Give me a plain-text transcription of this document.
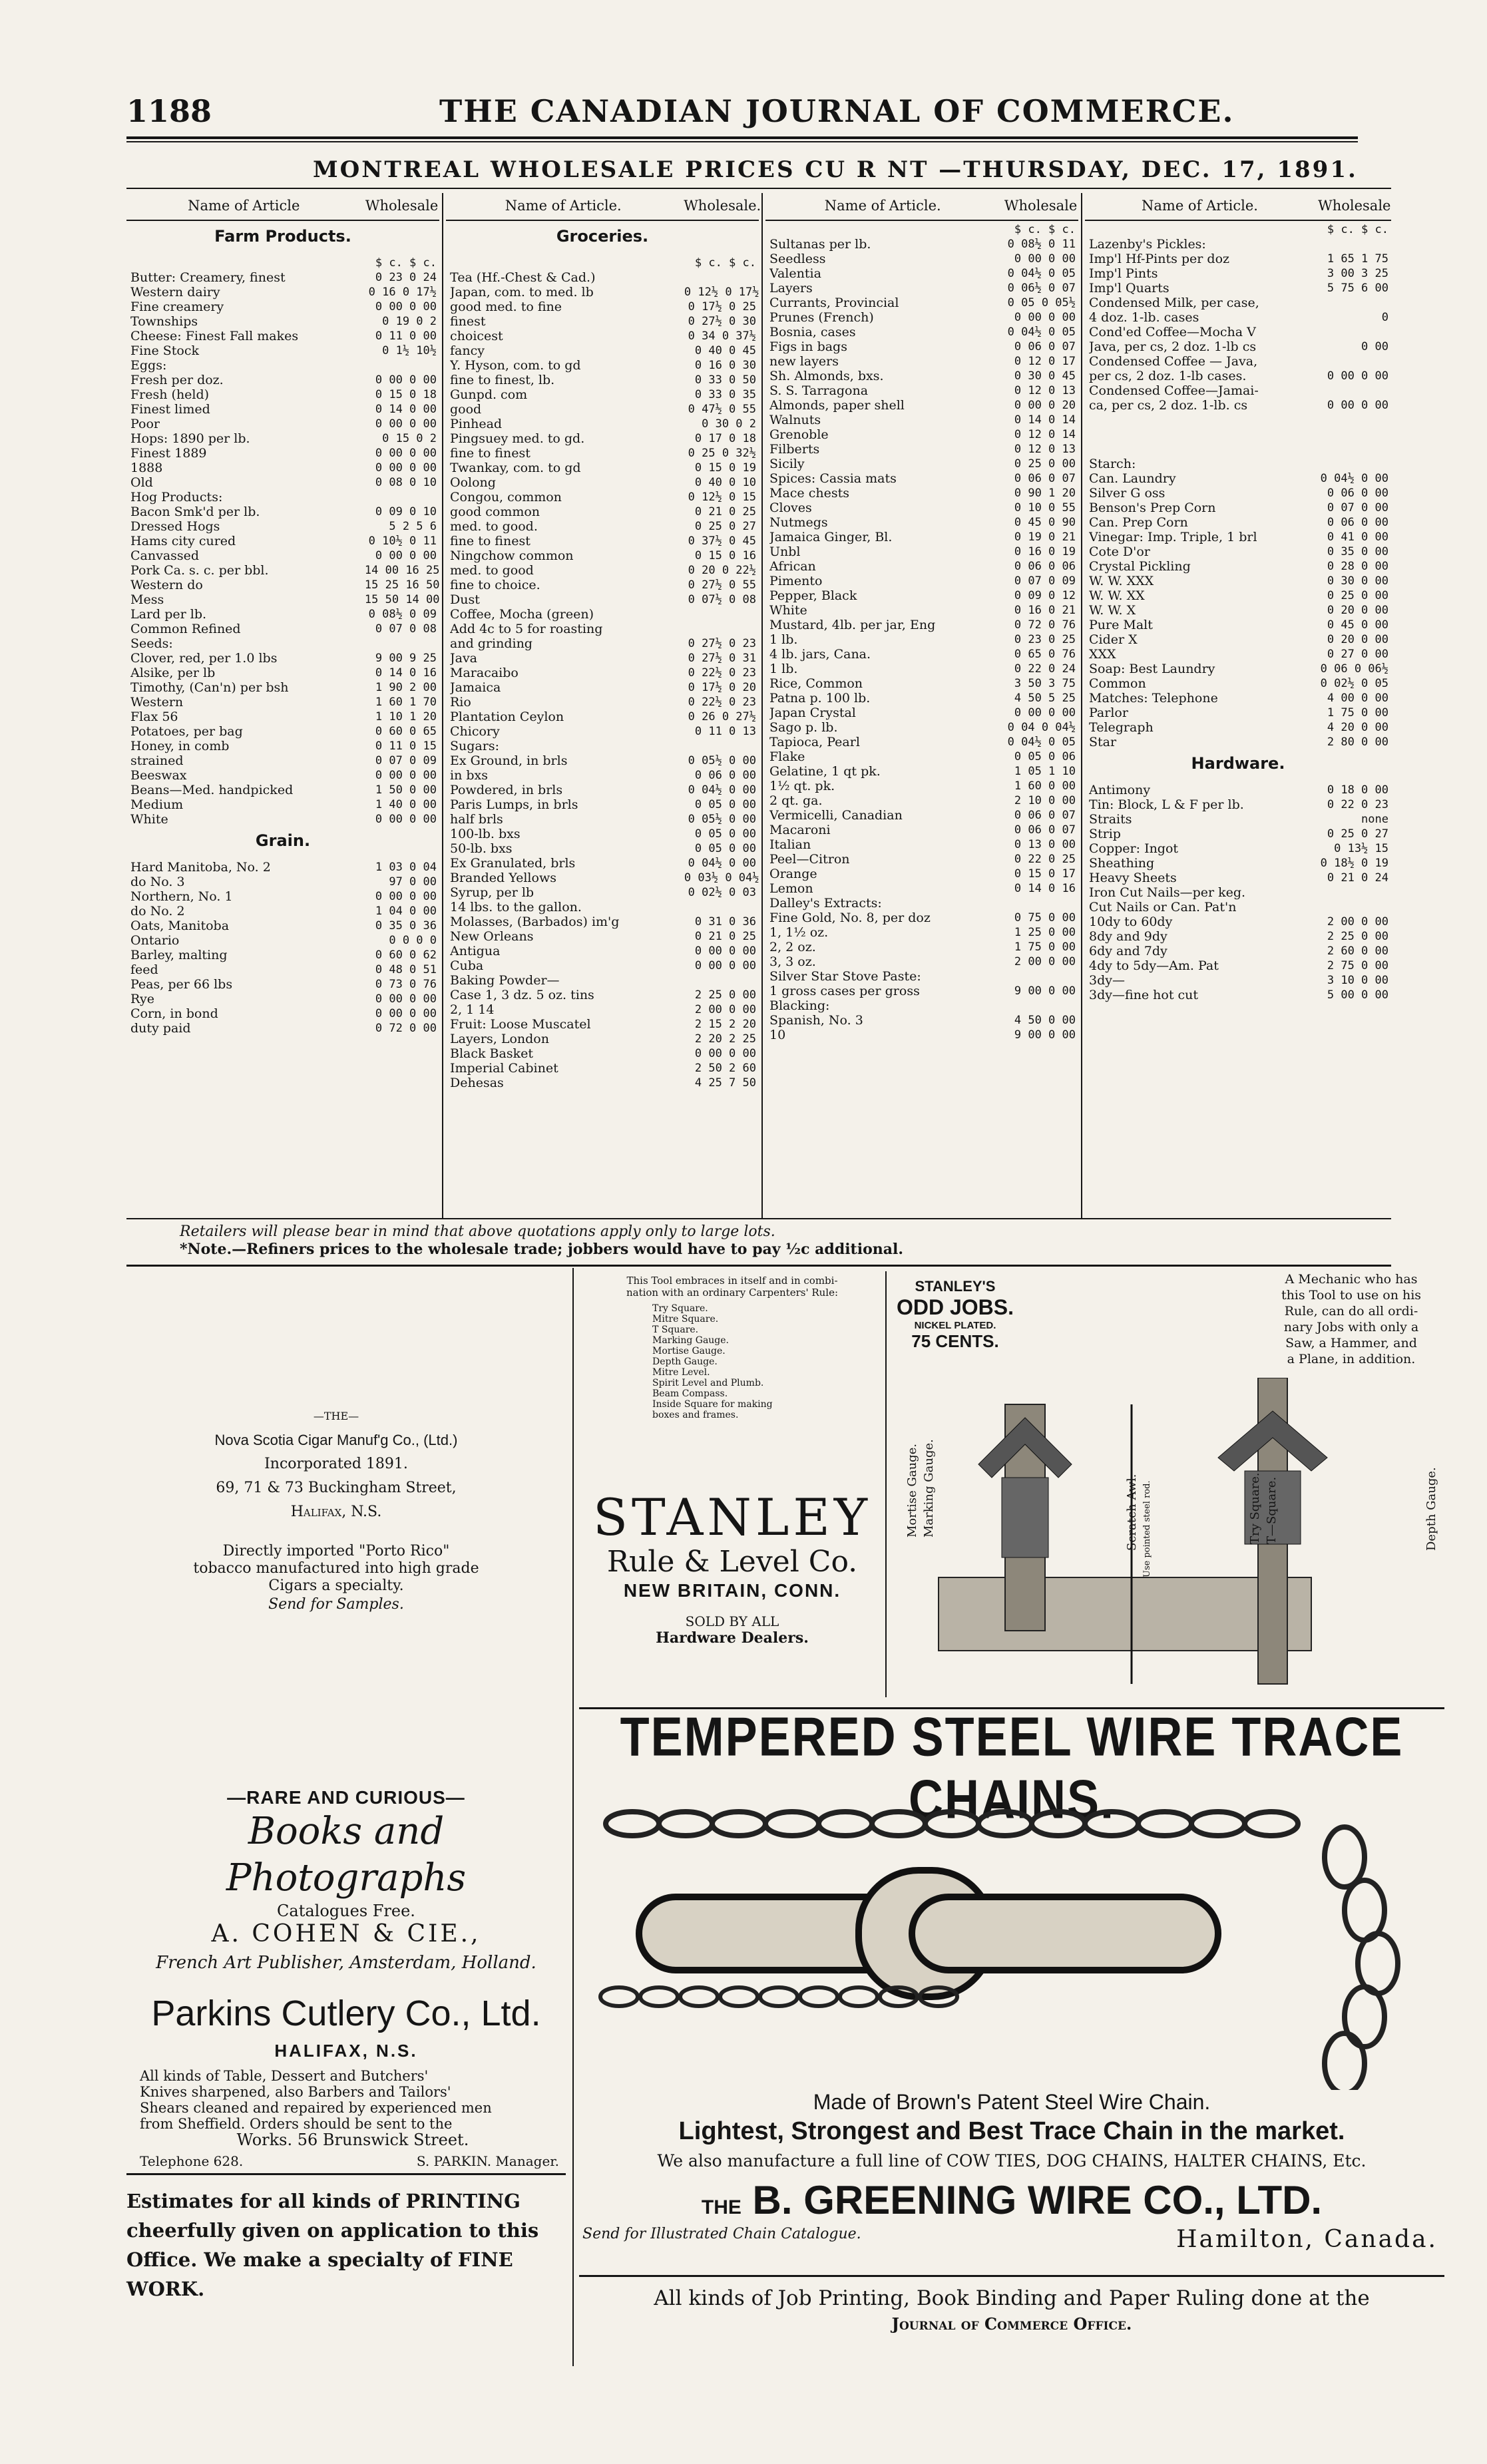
1188	THE CANADIAN JOURNAL OF COMMERCE.
MONTREAL WHOLESALE PRICES CU R NT —THURSDAY, DEC. 17, 1891.
Name of Article	Wholesale
Farm Products.
$ c. $ c.
Butter: Creamery, finest	0 23 0 24
Western dairy	0 16 0 17½
Fine creamery	0 00 0 00
Townships	0 19 0 2
Cheese: Finest Fall makes	0 11 0 00
Fine Stock	0 1½ 10½
Eggs:
Fresh per doz.	0 00 0 00
Fresh (held)	0 15 0 18
Finest limed	0 14 0 00
Poor	0 00 0 00
Hops: 1890 per lb.	0 15 0 2
Finest 1889	0 00 0 00
1888	0 00 0 00
Old	0 08 0 10
Hog Products:
Bacon Smk'd per lb.	0 09 0 10
Dressed Hogs	5 2 5 6
Hams city cured	0 10½ 0 11
Canvassed	0 00 0 00
Pork Ca. s. c. per bbl.	14 00 16 25
Western do	15 25 16 50
Mess	15 50 14 00
Lard per lb.	0 08½ 0 09
Common Refined	0 07 0 08
Seeds:
Clover, red, per 1.0 lbs	9 00 9 25
Alsike, per lb	0 14 0 16
Timothy, (Can'n) per bsh	1 90 2 00
Western	1 60 1 70
Flax 56	1 10 1 20
Potatoes, per bag	0 60 0 65
Honey, in comb	0 11 0 15
strained	0 07 0 09
Beeswax	0 00 0 00
Beans—Med. handpicked	1 50 0 00
Medium	1 40 0 00
White	0 00 0 00
Grain.
Hard Manitoba, No. 2	1 03 0 04
do No. 3	97 0 00
Northern, No. 1	0 00 0 00
do No. 2	1 04 0 00
Oats, Manitoba	0 35 0 36
Ontario	0 0 0 0
Barley, malting	0 60 0 62
feed	0 48 0 51
Peas, per 66 lbs	0 73 0 76
Rye	0 00 0 00
Corn, in bond	0 00 0 00
duty paid	0 72 0 00
Name of Article.	Wholesale.
Groceries.
$ c. $ c.
Tea (Hf.-Chest & Cad.)
Japan, com. to med. lb	0 12½ 0 17½
good med. to fine	0 17½ 0 25
finest	0 27½ 0 30
choicest	0 34 0 37½
fancy	0 40 0 45
Y. Hyson, com. to gd	0 16 0 30
fine to finest, lb.	0 33 0 50
Gunpd. com	0 33 0 35
good	0 47½ 0 55
Pinhead	0 30 0 2
Pingsuey med. to gd.	0 17 0 18
fine to finest	0 25 0 32½
Twankay, com. to gd	0 15 0 19
Oolong	0 40 0 10
Congou, common	0 12½ 0 15
good common	0 21 0 25
med. to good.	0 25 0 27
fine to finest	0 37½ 0 45
Ningchow common	0 15 0 16
med. to good	0 20 0 22½
fine to choice.	0 27½ 0 55
Dust	0 07½ 0 08
Coffee, Mocha (green)
Add 4c to 5 for roasting
and grinding	0 27½ 0 23
Java	0 27½ 0 31
Maracaibo	0 22½ 0 23
Jamaica	0 17½ 0 20
Rio	0 22½ 0 23
Plantation Ceylon	0 26 0 27½
Chicory	0 11 0 13
Sugars:
Ex Ground, in brls	0 05½ 0 00
in bxs	0 06 0 00
Powdered, in brls	0 04½ 0 00
Paris Lumps, in brls	0 05 0 00
half brls	0 05½ 0 00
100-lb. bxs	0 05 0 00
50-lb. bxs	0 05 0 00
Ex Granulated, brls	0 04½ 0 00
Branded Yellows	0 03½ 0 04½
Syrup, per lb	0 02½ 0 03
14 lbs. to the gallon.
Molasses, (Barbados) im'g	0 31 0 36
New Orleans	0 21 0 25
Antigua	0 00 0 00
Cuba	0 00 0 00
Baking Powder—
Case 1, 3 dz. 5 oz. tins	2 25 0 00
2, 1 14	2 00 0 00
Fruit: Loose Muscatel	2 15 2 20
Layers, London	2 20 2 25
Black Basket	0 00 0 00
Imperial Cabinet	2 50 2 60
Dehesas	4 25 7 50
Name of Article.	Wholesale
$ c. $ c.
Sultanas per lb.	0 08½ 0 11
Seedless	0 00 0 00
Valentia	0 04½ 0 05
Layers	0 06½ 0 07
Currants, Provincial	0 05 0 05½
Prunes (French)	0 00 0 00
Bosnia, cases	0 04½ 0 05
Figs in bags	0 06 0 07
new layers	0 12 0 17
Sh. Almonds, bxs.	0 30 0 45
S. S. Tarragona	0 12 0 13
Almonds, paper shell	0 00 0 20
Walnuts	0 14 0 14
Grenoble	0 12 0 14
Filberts	0 12 0 13
Sicily	0 25 0 00
Spices: Cassia mats	0 06 0 07
Mace chests	0 90 1 20
Cloves	0 10 0 55
Nutmegs	0 45 0 90
Jamaica Ginger, Bl.	0 19 0 21
Unbl	0 16 0 19
African	0 06 0 06
Pimento	0 07 0 09
Pepper, Black	0 09 0 12
White	0 16 0 21
Mustard, 4lb. per jar, Eng	0 72 0 76
1 lb.	0 23 0 25
4 lb. jars, Cana.	0 65 0 76
1 lb.	0 22 0 24
Rice, Common	3 50 3 75
Patna p. 100 lb.	4 50 5 25
Japan Crystal	0 00 0 00
Sago p. lb.	0 04 0 04½
Tapioca, Pearl	0 04½ 0 05
Flake	0 05 0 06
Gelatine, 1 qt pk.	1 05 1 10
1½ qt. pk.	1 60 0 00
2 qt. ga.	2 10 0 00
Vermicelli, Canadian	0 06 0 07
Macaroni	0 06 0 07
Italian	0 13 0 00
Peel—Citron	0 22 0 25
Orange	0 15 0 17
Lemon	0 14 0 16
Dalley's Extracts:
Fine Gold, No. 8, per doz	0 75 0 00
1, 1½ oz.	1 25 0 00
2, 2 oz.	1 75 0 00
3, 3 oz.	2 00 0 00
Silver Star Stove Paste:
1 gross cases per gross	9 00 0 00
Blacking:
Spanish, No. 3	4 50 0 00
10	9 00 0 00
Name of Article.	Wholesale
$ c. $ c.
Lazenby's Pickles:
Imp'l Hf-Pints per doz	1 65 1 75
Imp'l Pints	3 00 3 25
Imp'l Quarts	5 75 6 00
Condensed Milk, per case,
4 doz. 1-lb. cases	0
Cond'ed Coffee—Mocha V
Java, per cs, 2 doz. 1-lb cs	0 00
Condensed Coffee — Java,
per cs, 2 doz. 1-lb cases.	0 00 0 00
Condensed Coffee—Jamai-
ca, per cs, 2 doz. 1-lb. cs	0 00 0 00
Starch:
Can. Laundry	0 04½ 0 00
Silver G oss	0 06 0 00
Benson's Prep Corn	0 07 0 00
Can. Prep Corn	0 06 0 00
Vinegar: Imp. Triple, 1 brl	0 41 0 00
Cote D'or	0 35 0 00
Crystal Pickling	0 28 0 00
W. W. XXX	0 30 0 00
W. W. XX	0 25 0 00
W. W. X	0 20 0 00
Pure Malt	0 45 0 00
Cider X	0 20 0 00
XXX	0 27 0 00
Soap: Best Laundry	0 06 0 06½
Common	0 02½ 0 05
Matches: Telephone	4 00 0 00
Parlor	1 75 0 00
Telegraph	4 20 0 00
Star	2 80 0 00
Hardware.
Antimony	0 18 0 00
Tin: Block, L & F per lb.	0 22 0 23
Straits	none
Strip	0 25 0 27
Copper: Ingot	0 13½ 15
Sheathing	0 18½ 0 19
Heavy Sheets	0 21 0 24
Iron Cut Nails—per keg.
Cut Nails or Can. Pat'n
10dy to 60dy	2 00 0 00
8dy and 9dy	2 25 0 00
6dy and 7dy	2 60 0 00
4dy to 5dy—Am. Pat	2 75 0 00
3dy—	3 10 0 00
3dy—fine hot cut	5 00 0 00
Retailers will please bear in mind that above quotations apply only to large lots.
*Note.—Refiners prices to the wholesale trade; jobbers would have to pay ½c additional.
—THE—
Nova Scotia Cigar Manuf'g Co., (Ltd.)
Incorporated 1891.
69, 71 & 73 Buckingham Street,
Halifax, N.S.
Directly imported "Porto Rico"
tobacco manufactured into high grade
Cigars a specialty.
Send for Samples.
This Tool embraces in itself and in combi-
nation with an ordinary Carpenters' Rule:
Try Square.
Mitre Square.
T Square.
Marking Gauge.
Mortise Gauge.
Depth Gauge.
Mitre Level.
Spirit Level and Plumb.
Beam Compass.
Inside Square for making
boxes and frames.
STANLEY
Rule & Level Co.
NEW BRITAIN, CONN.
SOLD BY ALL
Hardware Dealers.
STANLEY'S
ODD JOBS.
NICKEL PLATED.
75 CENTS.
A Mechanic who has
this Tool to use on his
Rule, can do all ordi-
nary Jobs with only a
Saw, a Hammer, and
a Plane, in addition.
Mortise Gauge. Marking Gauge.	Scratch Awl. Use pointed steel rod.	Try Square. T—Square.	Depth Gauge.
—RARE AND CURIOUS—
Books and Photographs
Catalogues Free.
A. COHEN & CIE.,
French Art Publisher, Amsterdam, Holland.
Parkins Cutlery Co., Ltd.
HALIFAX, N.S.
All kinds of Table, Dessert and Butchers'
Knives sharpened, also Barbers and Tailors'
Shears cleaned and repaired by experienced men
from Sheffield. Orders should be sent to the
Works. 56 Brunswick Street.
Telephone 628.	S. PARKIN. Manager.
Estimates for all kinds of PRINTING
cheerfully given on application to this
Office. We make a specialty of FINE
WORK.
TEMPERED STEEL WIRE TRACE CHAINS.
Made of Brown's Patent Steel Wire Chain.
Lightest, Strongest and Best Trace Chain in the market.
We also manufacture a full line of COW TIES, DOG CHAINS, HALTER CHAINS, Etc.
THE B. GREENING WIRE CO., LTD.
Send for Illustrated Chain Catalogue.	Hamilton, Canada.
All kinds of Job Printing, Book Binding and Paper Ruling done at the
Journal of Commerce Office.
